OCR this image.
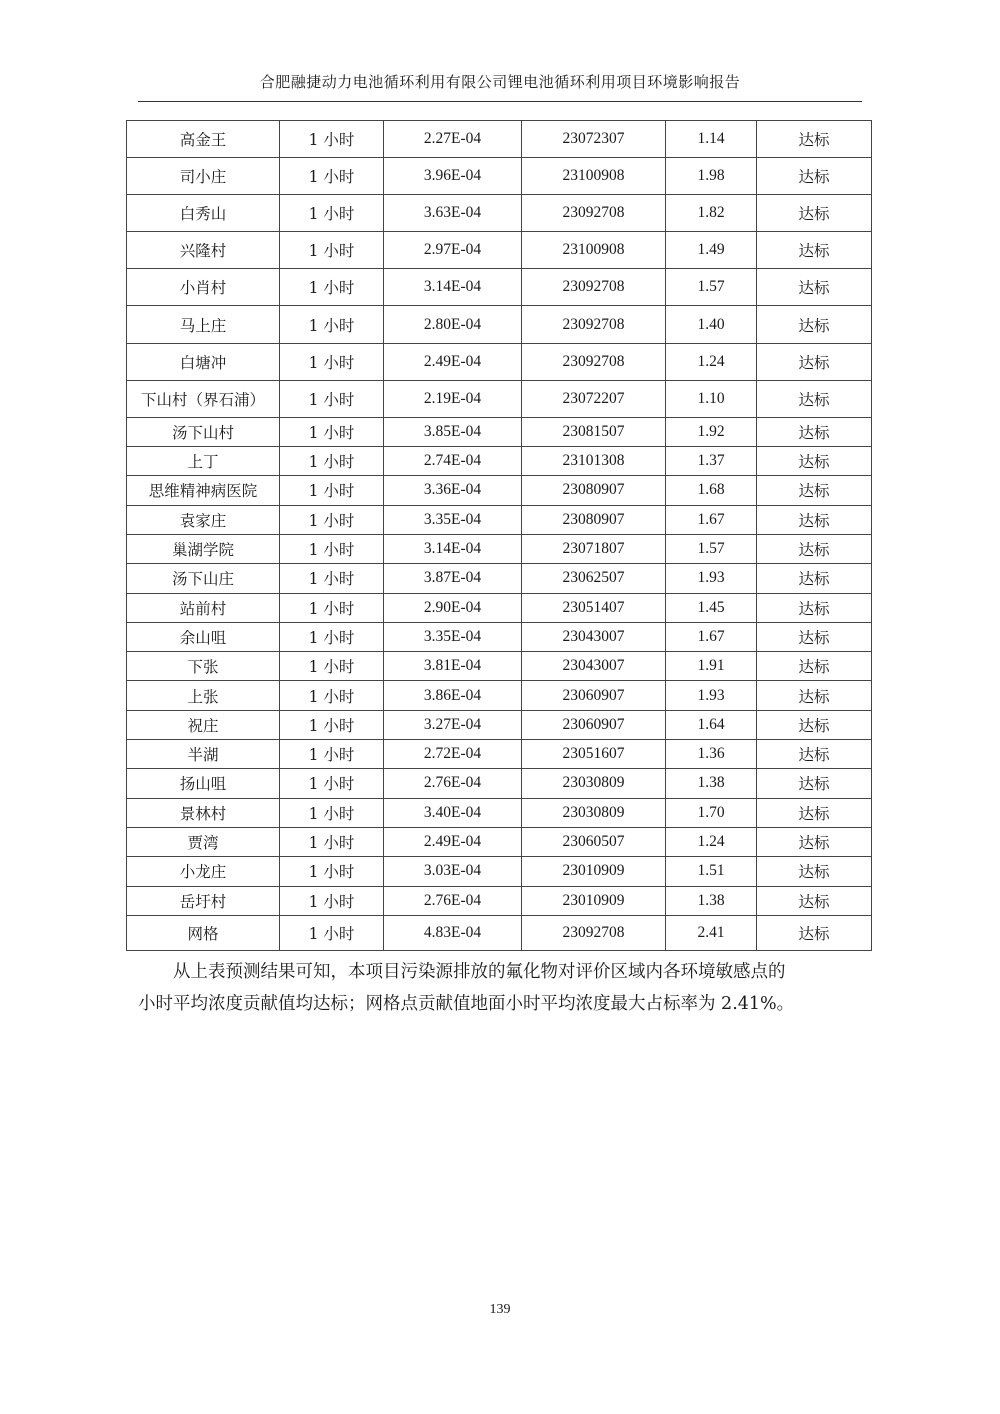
合肥融捷动力电池循环利用有限公司锂电池循环利用项目环境影响报告
高金王	1 小时	2.27E-04	23072307	1.14	达标
司小庄	1 小时	3.96E-04	23100908	1.98	达标
白秀山	1 小时	3.63E-04	23092708	1.82	达标
兴隆村	1 小时	2.97E-04	23100908	1.49	达标
小肖村	1 小时	3.14E-04	23092708	1.57	达标
马上庄	1 小时	2.80E-04	23092708	1.40	达标
白塘冲	1 小时	2.49E-04	23092708	1.24	达标
下山村（界石浦）	1 小时	2.19E-04	23072207	1.10	达标
汤下山村	1 小时	3.85E-04	23081507	1.92	达标
上丁	1 小时	2.74E-04	23101308	1.37	达标
思维精神病医院	1 小时	3.36E-04	23080907	1.68	达标
袁家庄	1 小时	3.35E-04	23080907	1.67	达标
巢湖学院	1 小时	3.14E-04	23071807	1.57	达标
汤下山庄	1 小时	3.87E-04	23062507	1.93	达标
站前村	1 小时	2.90E-04	23051407	1.45	达标
余山咀	1 小时	3.35E-04	23043007	1.67	达标
下张	1 小时	3.81E-04	23043007	1.91	达标
上张	1 小时	3.86E-04	23060907	1.93	达标
祝庄	1 小时	3.27E-04	23060907	1.64	达标
半湖	1 小时	2.72E-04	23051607	1.36	达标
扬山咀	1 小时	2.76E-04	23030809	1.38	达标
景林村	1 小时	3.40E-04	23030809	1.70	达标
贾湾	1 小时	2.49E-04	23060507	1.24	达标
小龙庄	1 小时	3.03E-04	23010909	1.51	达标
岳圩村	1 小时	2.76E-04	23010909	1.38	达标
网格	1 小时	4.83E-04	23092708	2.41	达标
从上表预测结果可知，本项目污染源排放的氟化物对评价区域内各环境敏感点的
小时平均浓度贡献值均达标；网格点贡献值地面小时平均浓度最大占标率为 2.41%。
139
